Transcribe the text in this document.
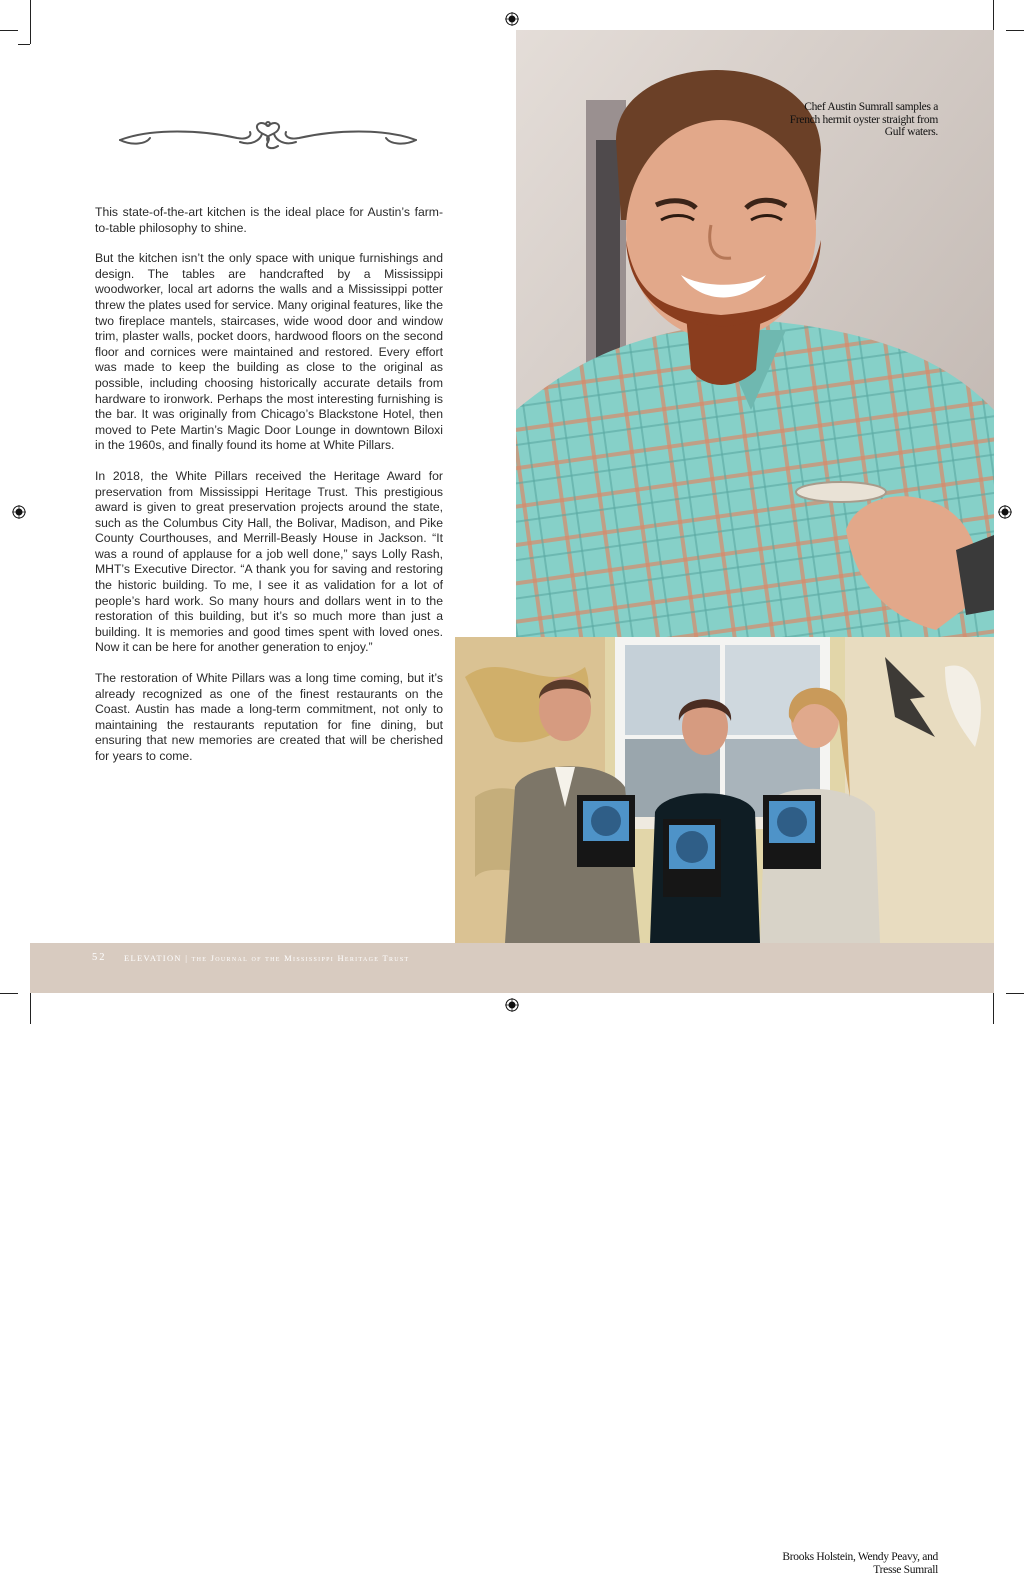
This state-of-the-art kitchen is the ideal place for Austin’s farm-to-table philosophy to shine.

But the kitchen isn’t the only space with unique furnishings and design. The tables are handcrafted by a Mississippi woodworker, local art adorns the walls and a Mississippi potter threw the plates used for service. Many original features, like the two fireplace mantels, staircases, wide wood door and window trim, plaster walls, pocket doors, hardwood floors on the second floor and cornices were maintained and restored. Every effort was made to keep the building as close to the original as possible, including choosing historically accurate details from hardware to ironwork. Perhaps the most interesting furnishing is the bar. It was originally from Chicago’s Blackstone Hotel, then moved to Pete Martin’s Magic Door Lounge in downtown Biloxi in the 1960s, and finally found its home at White Pillars.

In 2018, the White Pillars received the Heritage Award for preservation from Mississippi Heritage Trust. This prestigious award is given to great preservation projects around the state, such as the Columbus City Hall, the Bolivar, Madison, and Pike County Courthouses, and Merrill-Beasly House in Jackson. “It was a round of applause for a job well done,” says Lolly Rash, MHT’s Executive Director. “A thank you for saving and restoring the historic building. To me, I see it as validation for a lot of people’s hard work. So many hours and dollars went in to the restoration of this building, but it’s so much more than just a building. It is memories and good times spent with loved ones. Now it can be here for another generation to enjoy.”

The restoration of White Pillars was a long time coming, but it’s already recognized as one of the finest restaurants on the Coast. Austin has made a long-term commitment, not only to maintaining the restaurants reputation for fine dining, but ensuring that new memories are created that will be cherished for years to come.

Chef Austin Sumrall samples a French hermit oyster straight from Gulf waters.
Brooks Holstein, Wendy Peavy, and Tresse Sumrall
52 ELEVATION | the Journal of the Mississippi Heritage Trust
